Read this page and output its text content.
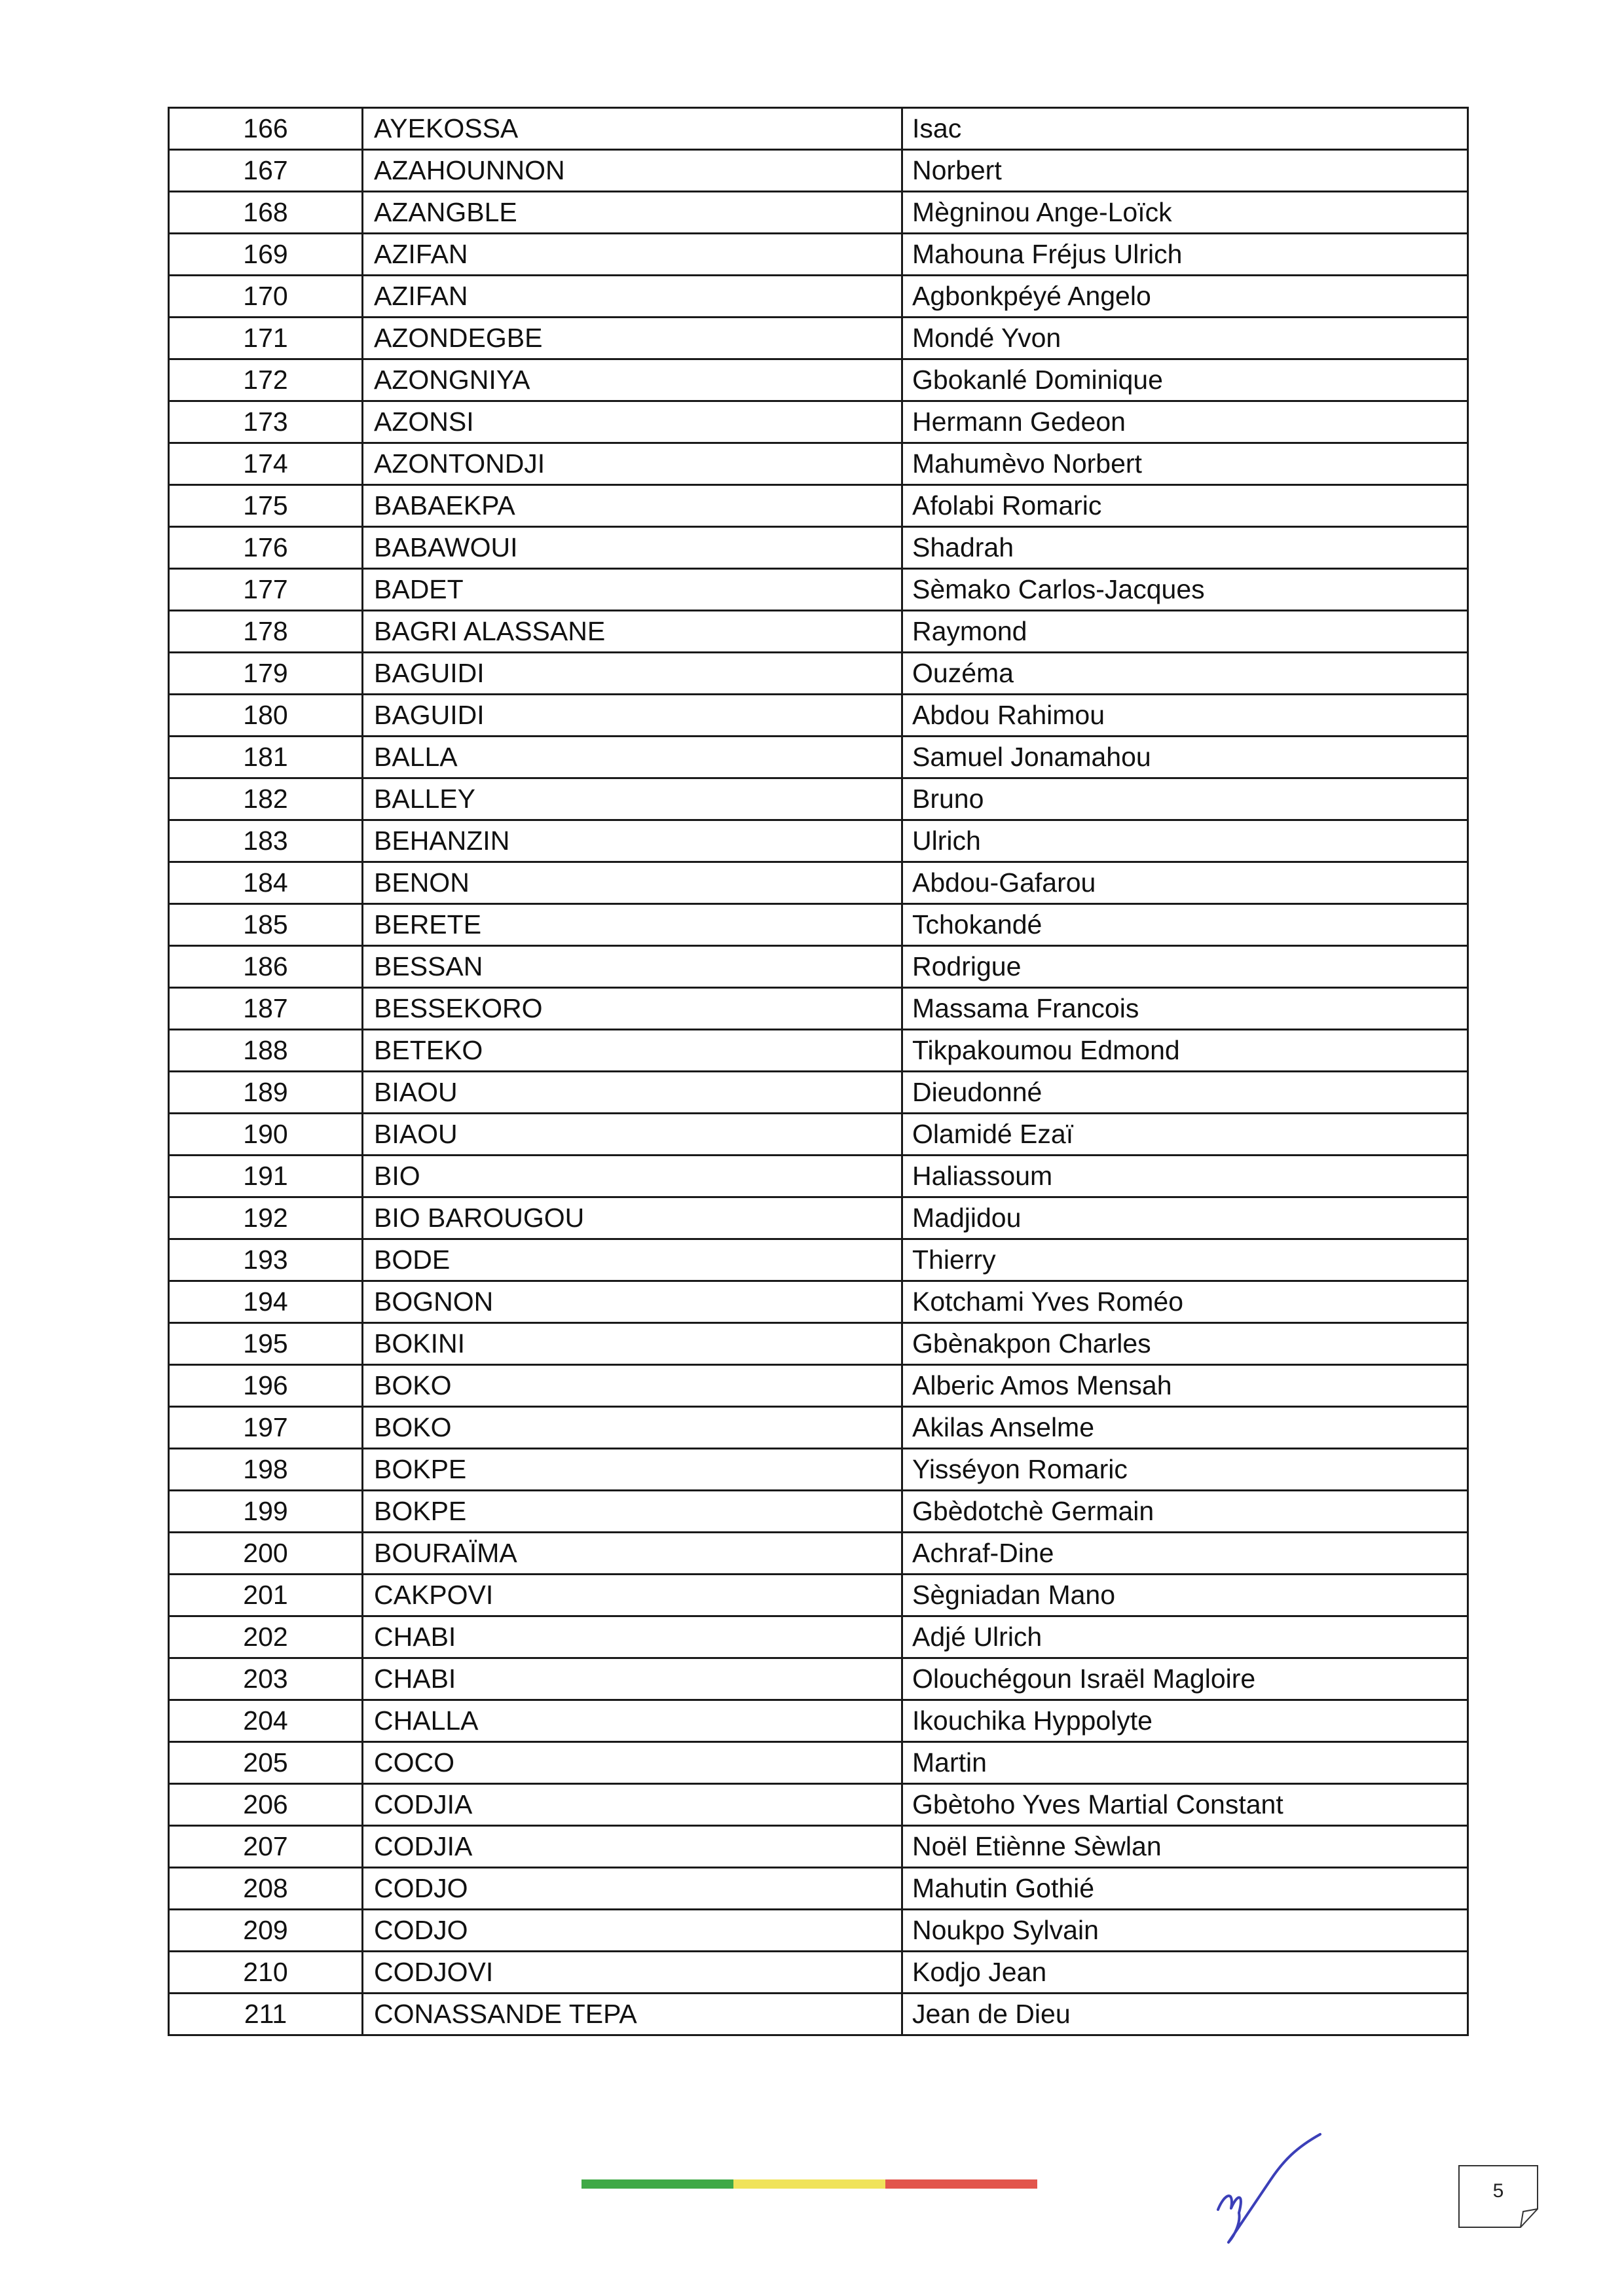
166	AYEKOSSA	Isac
167	AZAHOUNNON	Norbert
168	AZANGBLE	Mègninou Ange-Loïck
169	AZIFAN	Mahouna Fréjus Ulrich
170	AZIFAN	Agbonkpéyé Angelo
171	AZONDEGBE	Mondé Yvon
172	AZONGNIYA	Gbokanlé Dominique
173	AZONSI	Hermann Gedeon
174	AZONTONDJI	Mahumèvo Norbert
175	BABAEKPA	Afolabi Romaric
176	BABAWOUI	Shadrah
177	BADET	Sèmako Carlos-Jacques
178	BAGRI ALASSANE	Raymond
179	BAGUIDI	Ouzéma
180	BAGUIDI	Abdou Rahimou
181	BALLA	Samuel Jonamahou
182	BALLEY	Bruno
183	BEHANZIN	Ulrich
184	BENON	Abdou-Gafarou
185	BERETE	Tchokandé
186	BESSAN	Rodrigue
187	BESSEKORO	Massama Francois
188	BETEKO	Tikpakoumou Edmond
189	BIAOU	Dieudonné
190	BIAOU	Olamidé Ezaï
191	BIO	Haliassoum
192	BIO BAROUGOU	Madjidou
193	BODE	Thierry
194	BOGNON	Kotchami Yves Roméo
195	BOKINI	Gbènakpon Charles
196	BOKO	Alberic Amos Mensah
197	BOKO	Akilas Anselme
198	BOKPE	Yisséyon Romaric
199	BOKPE	Gbèdotchè Germain
200	BOURAÏMA	Achraf-Dine
201	CAKPOVI	Sègniadan Mano
202	CHABI	Adjé Ulrich
203	CHABI	Olouchégoun Israël Magloire
204	CHALLA	Ikouchika Hyppolyte
205	COCO	Martin
206	CODJIA	Gbètoho Yves Martial Constant
207	CODJIA	Noël Etiènne Sèwlan
208	CODJO	Mahutin Gothié
209	CODJO	Noukpo Sylvain
210	CODJOVI	Kodjo Jean
211	CONASSANDE TEPA	Jean de Dieu
5
